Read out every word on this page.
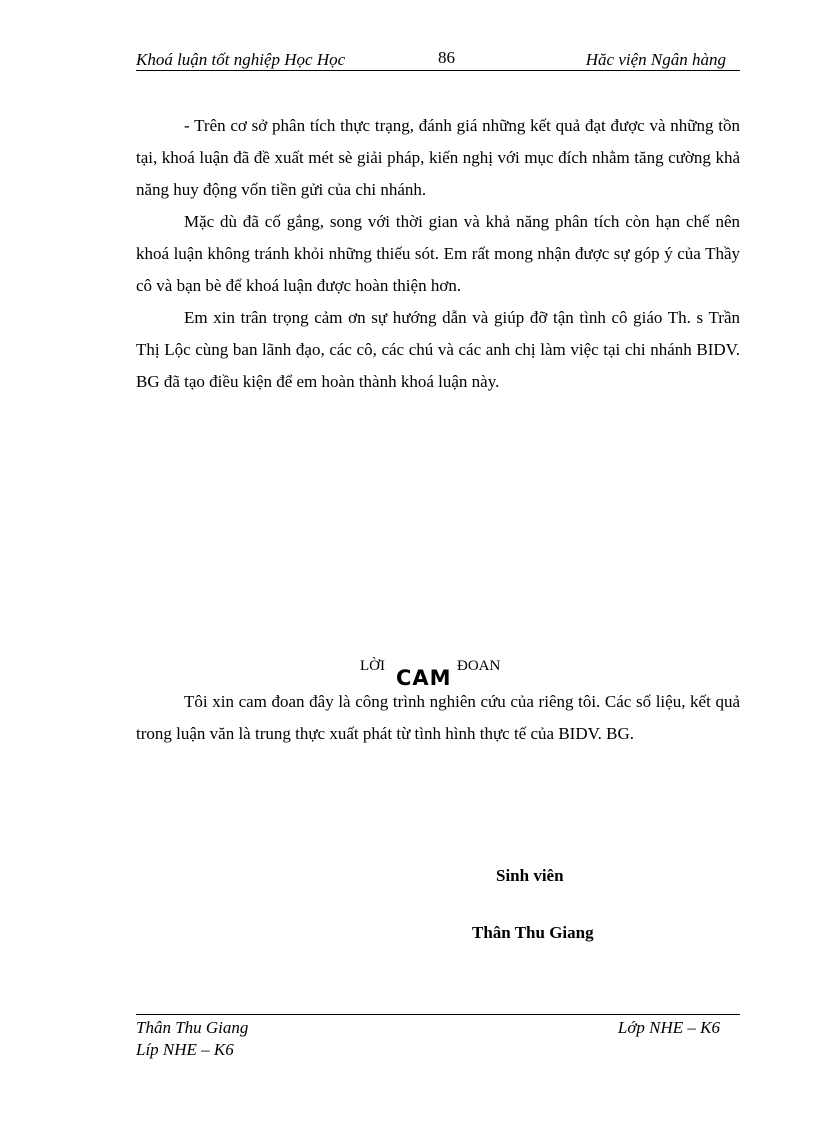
Khoá luận tốt nghiệp Học Học	86	Hăc viện Ngân hàng

- Trên cơ sở phân tích thực trạng, đánh giá những kết quả đạt được và những tồn tại, khoá luận đã đề xuất mét sè giải pháp, kiến nghị với mục đích nhằm tăng cường khả năng huy động vốn tiền gửi của chi nhánh.

Mặc dù đã cố gắng, song với thời gian và khả năng phân tích còn hạn chế nên khoá luận không tránh khỏi những thiếu sót. Em rất mong nhận được sự góp ý của Thầy cô và bạn bè để khoá luận được hoàn thiện hơn.

Em xin trân trọng cảm ơn sự hướng dẫn và giúp đỡ tận tình cô giáo Th. s Trần Thị Lộc cùng ban lãnh đạo, các cô, các chú và các anh chị làm việc tại chi nhánh BIDV. BG đã tạo điều kiện để em hoàn thành khoá luận này.

LỜI CAM ĐOAN

Tôi xin cam đoan đây là công trình nghiên cứu của riêng tôi. Các số liệu, kết quả trong luận văn là trung thực xuất phát từ tình hình thực tế của BIDV. BG.

Sinh viên
Thân Thu Giang
Thân Thu Giang	Lớp NHE – K6
Líp NHE – K6
